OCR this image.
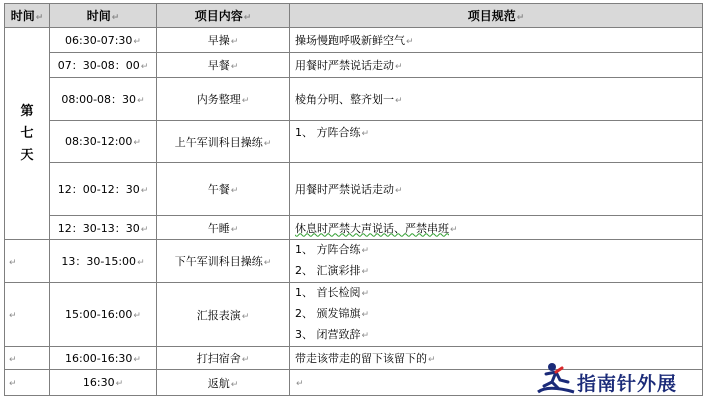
时间↵	时间↵	项目内容↵	项目规范↵

第
七
天	06:30-07:30↵	早操↵	操场慢跑呼吸新鲜空气↵
	07：30-08：00↵	早餐↵	用餐时严禁说话走动↵
	08:00-08：30↵	内务整理↵	棱角分明、整齐划一↵
	08:30-12:00↵	上午军训科目操练↵	1、 方阵合练↵
	12：00-12：30↵	午餐↵	用餐时严禁说话走动↵
	12：30-13：30↵	午睡↵	休息时严禁大声说话、严禁串班↵
↵	13：30-15:00↵	下午军训科目操练↵	1、 方阵合练↵
2、 汇演彩排↵

↵	15:00-16:00↵	汇报表演↵	1、 首长检阅↵
2、 颁发锦旗↵
3、 闭营致辞↵

↵	16:00-16:30↵	打扫宿舍↵	带走该带走的留下该留下的↵
↵	16:30↵	返航↵	↵	指南针外展
